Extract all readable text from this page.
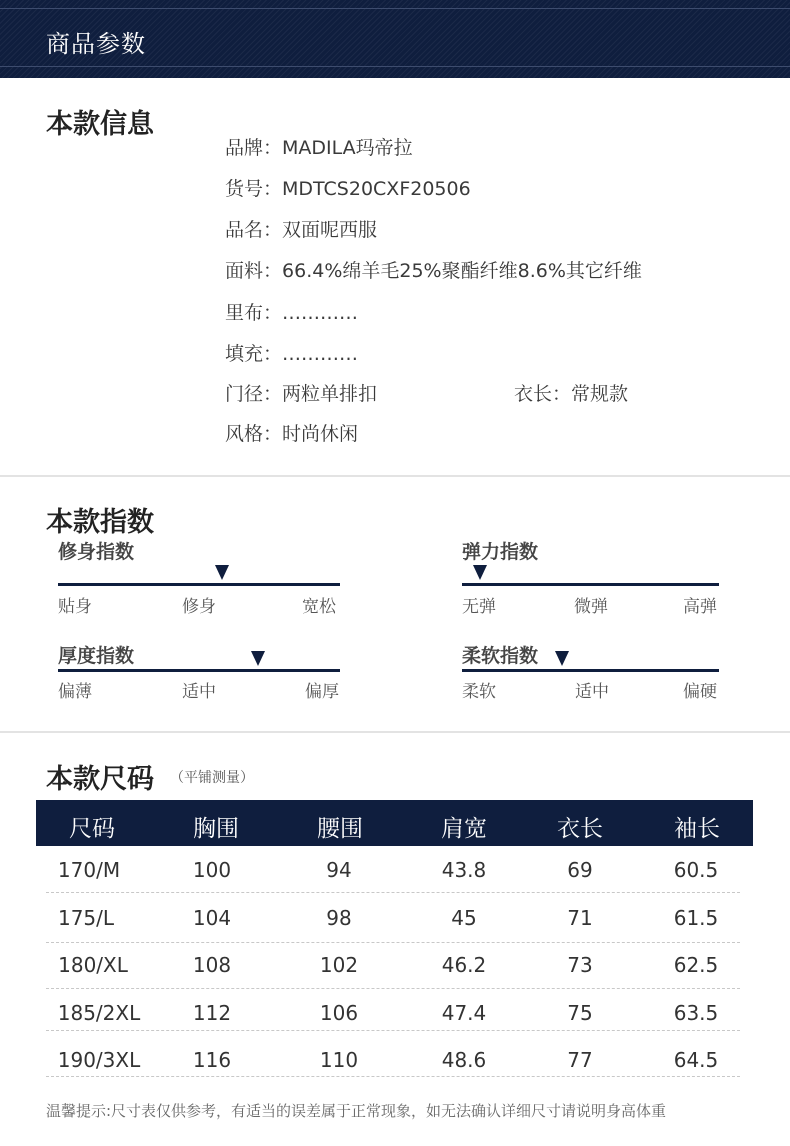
商品参数
本款信息
品牌：MADILA玛帝拉
货号：MDTCS20CXF20506
品名：双面呢西服
面料：66.4%绵羊毛25%聚酯纤维8.6%其它纤维
里布：…………
填充：…………
门径：两粒单排扣	衣长：常规款
风格：时尚休闲
本款指数
修身指数
贴身	修身	宽松
弹力指数
无弹	微弹	高弹
厚度指数
偏薄	适中	偏厚
柔软指数
柔软	适中	偏硬
本款尺码 （平铺测量）
尺码	胸围	腰围	肩宽	衣长	袖长
170/M	100	94	43.8	69	60.5
175/L	104	98	45	71	61.5
180/XL	108	102	46.2	73	62.5
185/2XL	112	106	47.4	75	63.5
190/3XL	116	110	48.6	77	64.5
温馨提示:尺寸表仅供参考，有适当的误差属于正常现象，如无法确认详细尺寸请说明身高体重
